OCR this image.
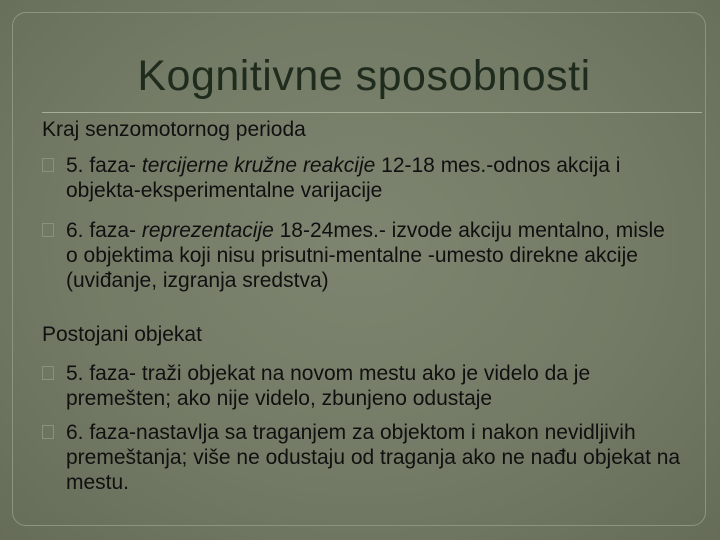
Kognitivne sposobnosti
Kraj senzomotornog perioda
5. faza- tercijerne kružne reakcije 12-18 mes.-odnos akcija i objekta-eksperimentalne varijacije
6. faza- reprezentacije 18-24mes.- izvode akciju mentalno, misle o objektima koji nisu prisutni-mentalne -umesto direkne akcije (uviđanje, izgranja sredstva)
Postojani objekat
5. faza- traži objekat na novom mestu ako je videlo da je premešten; ako nije videlo, zbunjeno odustaje
6. faza-nastavlja sa traganjem za objektom i nakon nevidljivih premeštanja; više ne odustaju od traganja ako ne nađu objekat na mestu.
